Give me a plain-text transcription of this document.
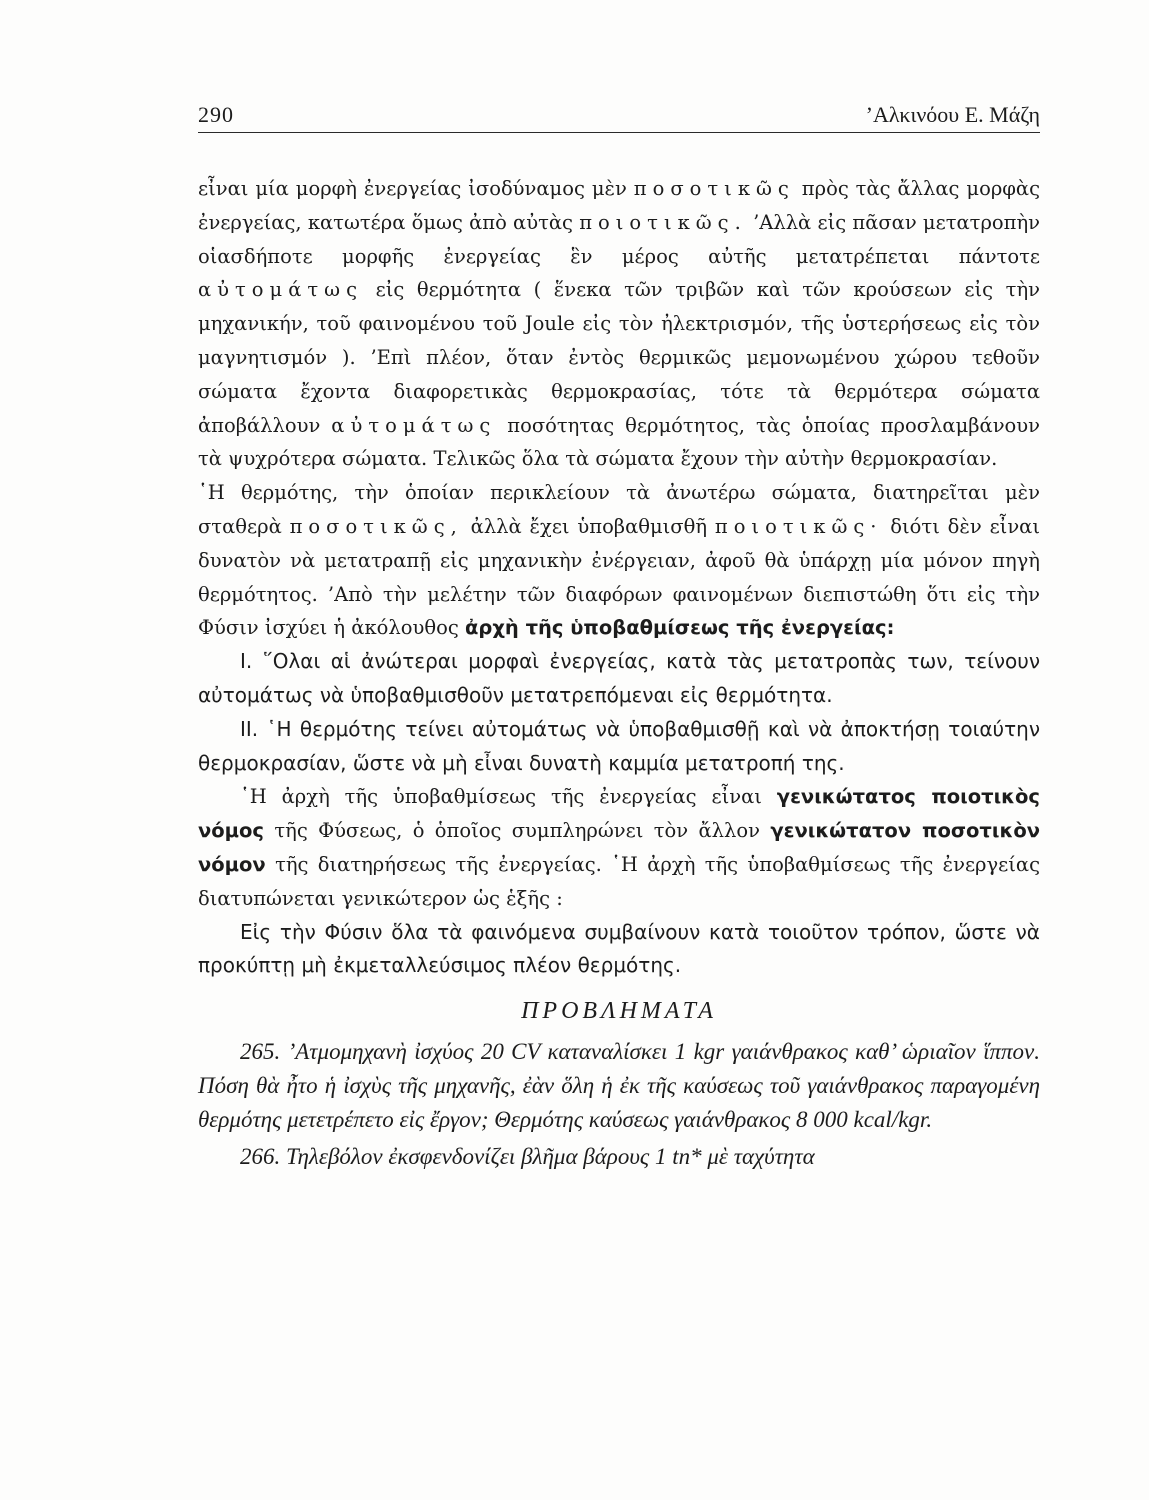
290	’Αλκινόου Ε. Μάζη

εἶναι μία μορφὴ ἐνεργείας ἰσοδύναμος μὲν ποσοτικῶς πρὸς τὰς ἄλλας μορφὰς ἐνεργείας, κατωτέρα ὅμως ἀπὸ αὐτὰς ποιοτικῶς. ’Αλλὰ εἰς πᾶσαν μετατροπὴν οἱασδήποτε μορφῆς ἐνεργείας ἓν μέρος αὐτῆς μετατρέπεται πάντοτε αὐτομάτως εἰς θερμότητα ( ἕνεκα τῶν τριβῶν καὶ τῶν κρούσεων εἰς τὴν μηχανικήν, τοῦ φαινομένου τοῦ Joule εἰς τὸν ἠλεκτρισμόν, τῆς ὑστερήσεως εἰς τὸν μαγνητισμόν ). ’Επὶ πλέον, ὅταν ἐντὸς θερμικῶς μεμονωμένου χώρου τεθοῦν σώματα ἔχοντα διαφορετικὰς θερμοκρασίας, τότε τὰ θερμότερα σώματα ἀποβάλλουν αὐτομάτως ποσότητας θερμότητος, τὰς ὁποίας προσλαμβάνουν τὰ ψυχρότερα σώματα. Τελικῶς ὅλα τὰ σώματα ἔχουν τὴν αὐτὴν θερμοκρασίαν.

῾Η θερμότης, τὴν ὁποίαν περικλείουν τὰ ἀνωτέρω σώματα, διατηρεῖται μὲν σταθερὰ ποσοτικῶς, ἀλλὰ ἔχει ὑποβαθμισθῆ ποιοτικῶς· διότι δὲν εἶναι δυνατὸν νὰ μετατραπῇ εἰς μηχανικὴν ἐνέργειαν, ἀφοῦ θὰ ὑπάρχῃ μία μόνον πηγὴ θερμότητος. ’Απὸ τὴν μελέτην τῶν διαφόρων φαινομένων διεπιστώθη ὅτι εἰς τὴν Φύσιν ἰσχύει ἡ ἀκόλουθος ἀρχὴ τῆς ὑποβαθμίσεως τῆς ἐνεργείας:

I. ῞Ολαι αἱ ἀνώτεραι μορφαὶ ἐνεργείας, κατὰ τὰς μετατροπὰς των, τείνουν αὐτομάτως νὰ ὑποβαθμισθοῦν μετατρεπόμεναι εἰς θερμότητα.

II. ῾Η θερμότης τείνει αὐτομάτως νὰ ὑποβαθμισθῇ καὶ νὰ ἀποκτήσῃ τοιαύτην θερμοκρασίαν, ὥστε νὰ μὴ εἶναι δυνατὴ καμμία μετατροπή της.

῾Η ἀρχὴ τῆς ὑποβαθμίσεως τῆς ἐνεργείας εἶναι γενικώτατος ποιοτικὸς νόμος τῆς Φύσεως, ὁ ὁποῖος συμπληρώνει τὸν ἄλλον γενικώτατον ποσοτικὸν νόμον τῆς διατηρήσεως τῆς ἐνεργείας. ῾Η ἀρχὴ τῆς ὑποβαθμίσεως τῆς ἐνεργείας διατυπώνεται γενικώτερον ὡς ἑξῆς :

Εἰς τὴν Φύσιν ὅλα τὰ φαινόμενα συμβαίνουν κατὰ τοιοῦτον τρόπον, ὥστε νὰ προκύπτῃ μὴ ἐκμεταλλεύσιμος πλέον θερμότης.

ΠΡΟΒΛΗΜΑΤΑ

265. ’Ατμομηχανὴ ἰσχύος 20 CV καταναλίσκει 1 kgr γαιάνθρακος καθ’ ὡριαῖον ἵππον. Πόση θὰ ἦτο ἡ ἰσχὺς τῆς μηχανῆς, ἐὰν ὅλη ἡ ἐκ τῆς καύσεως τοῦ γαιάνθρακος παραγομένη θερμότης μετετρέπετο εἰς ἔργον; Θερμότης καύσεως γαιάνθρακος 8 000 kcal/kgr.

266. Τηλεβόλον ἐκσφενδονίζει βλῆμα βάρους 1 tn* μὲ ταχύτητα
